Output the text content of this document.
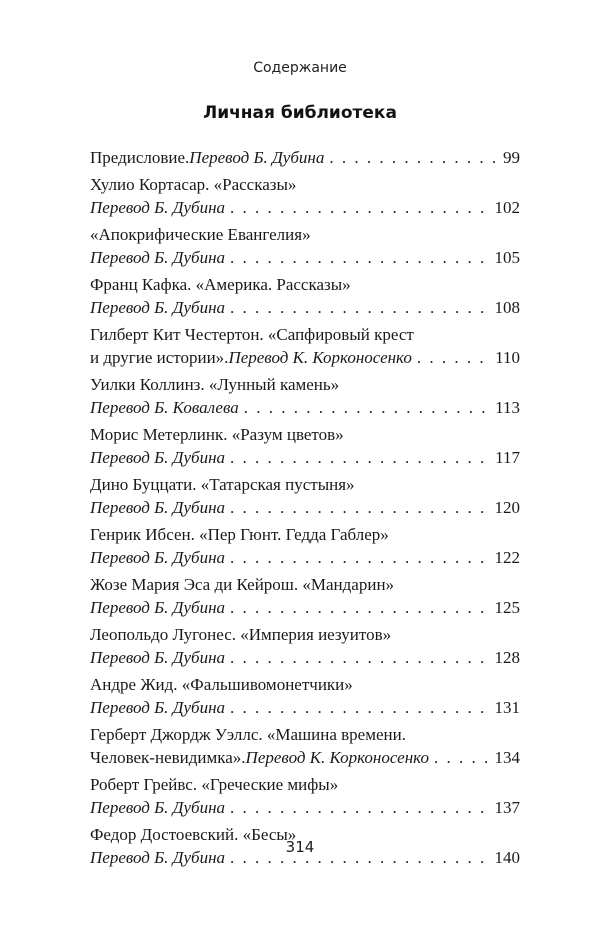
Содержание
Личная библиотека
Предисловие. Перевод Б. Дубина . . .	99
Хулио Кортасар. «Рассказы»
Перевод Б. Дубина . . .	102
«Апокрифические Евангелия»
Перевод Б. Дубина . . .	105
Франц Кафка. «Америка. Рассказы»
Перевод Б. Дубина . . .	108
Гилберт Кит Честертон. «Сапфировый крест
и другие истории». Перевод К. Корконосенко . . .	110
Уилки Коллинз. «Лунный камень»
Перевод Б. Ковалева . . .	113
Морис Метерлинк. «Разум цветов»
Перевод Б. Дубина . . .	117
Дино Буццати. «Татарская пустыня»
Перевод Б. Дубина . . .	120
Генрик Ибсен. «Пер Гюнт. Гедда Габлер»
Перевод Б. Дубина . . .	122
Жозе Мария Эса ди Кейрош. «Мандарин»
Перевод Б. Дубина . . .	125
Леопольдо Лугонес. «Империя иезуитов»
Перевод Б. Дубина . . .	128
Андре Жид. «Фальшивомонетчики»
Перевод Б. Дубина . . .	131
Герберт Джордж Уэллс. «Машина времени.
Человек-невидимка». Перевод К. Корконосенко . . .	134
Роберт Грейвс. «Греческие мифы»
Перевод Б. Дубина . . .	137
Федор Достоевский. «Бесы»
Перевод Б. Дубина . . .	140
314
